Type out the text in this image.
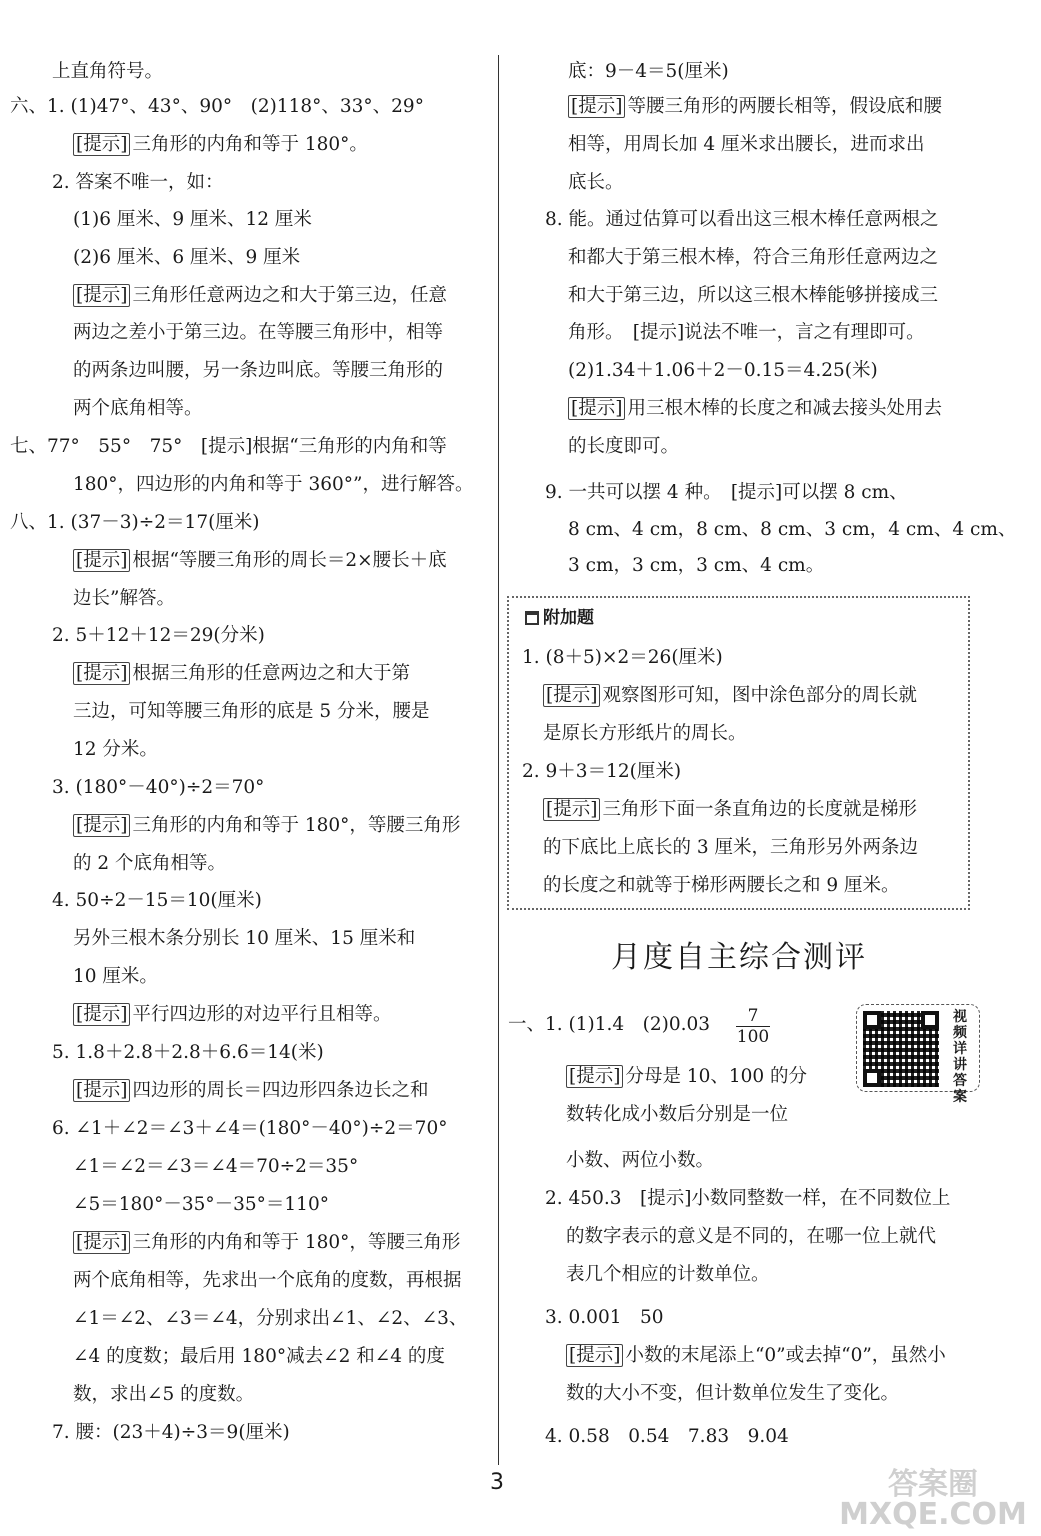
上直角符号。
六、1. (1)47°、43°、90°　(2)118°、33°、29°
[提示] 三角形的内角和等于 180°。
2. 答案不唯一，如：
(1)6 厘米、9 厘米、12 厘米
(2)6 厘米、6 厘米、9 厘米
[提示] 三角形任意两边之和大于第三边，任意
两边之差小于第三边。在等腰三角形中，相等
的两条边叫腰，另一条边叫底。等腰三角形的
两个底角相等。
七、77°　55°　75°　[提示]根据“三角形的内角和等
180°，四边形的内角和等于 360°”，进行解答。
八、1. (37－3)÷2＝17(厘米)
[提示] 根据“等腰三角形的周长＝2×腰长＋底
边长”解答。
2. 5＋12＋12＝29(分米)
[提示] 根据三角形的任意两边之和大于第
三边，可知等腰三角形的底是 5 分米，腰是
12 分米。
3. (180°－40°)÷2＝70°
[提示] 三角形的内角和等于 180°，等腰三角形
的 2 个底角相等。
4. 50÷2－15＝10(厘米)
另外三根木条分别长 10 厘米、15 厘米和
10 厘米。
[提示] 平行四边形的对边平行且相等。
5. 1.8＋2.8＋2.8＋6.6＝14(米)
[提示] 四边形的周长＝四边形四条边长之和
6. ∠1＋∠2＝∠3＋∠4＝(180°－40°)÷2＝70°
∠1＝∠2＝∠3＝∠4＝70÷2＝35°
∠5＝180°－35°－35°＝110°
[提示] 三角形的内角和等于 180°，等腰三角形
两个底角相等，先求出一个底角的度数，再根据
∠1＝∠2、∠3＝∠4，分别求出∠1、∠2、∠3、
∠4 的度数；最后用 180°减去∠2 和∠4 的度
数，求出∠5 的度数。
7. 腰：(23＋4)÷3＝9(厘米)
底：9－4＝5(厘米)
[提示] 等腰三角形的两腰长相等，假设底和腰
相等，用周长加 4 厘米求出腰长，进而求出
底长。
8. 能。通过估算可以看出这三根木棒任意两根之
和都大于第三根木棒，符合三角形任意两边之
和大于第三边，所以这三根木棒能够拼接成三
角形。　[提示]说法不唯一，言之有理即可。
(2)1.34＋1.06＋2－0.15＝4.25(米)
[提示] 用三根木棒的长度之和减去接头处用去
的长度即可。
9. 一共可以摆 4 种。　[提示]可以摆 8 cm、
8 cm、4 cm，8 cm、8 cm、3 cm，4 cm、4 cm、
3 cm，3 cm，3 cm、4 cm。
附加题
1. (8＋5)×2＝26(厘米)
[提示] 观察图形可知，图中涂色部分的周长就
是原长方形纸片的周长。
2. 9＋3＝12(厘米)
[提示] 三角形下面一条直角边的长度就是梯形
的下底比上底长的 3 厘米，三角形另外两条边
的长度之和就等于梯形两腰长之和 9 厘米。
月度自主综合测评
一、1. (1)1.4　(2)0.03
[提示] 分母是 10、100 的分
数转化成小数后分别是一位
小数、两位小数。
2. 450.3　[提示]小数同整数一样，在不同数位上
的数字表示的意义是不同的，在哪一位上就代
表几个相应的计数单位。
3. 0.001　50
[提示] 小数的末尾添上“0”或去掉“0”，虽然小
数的大小不变，但计数单位发生了变化。
4. 0.58　0.54　7.83　9.04
$\frac{7}{100}$	视频详讲答案
3	答案圈 MXQE.COM
